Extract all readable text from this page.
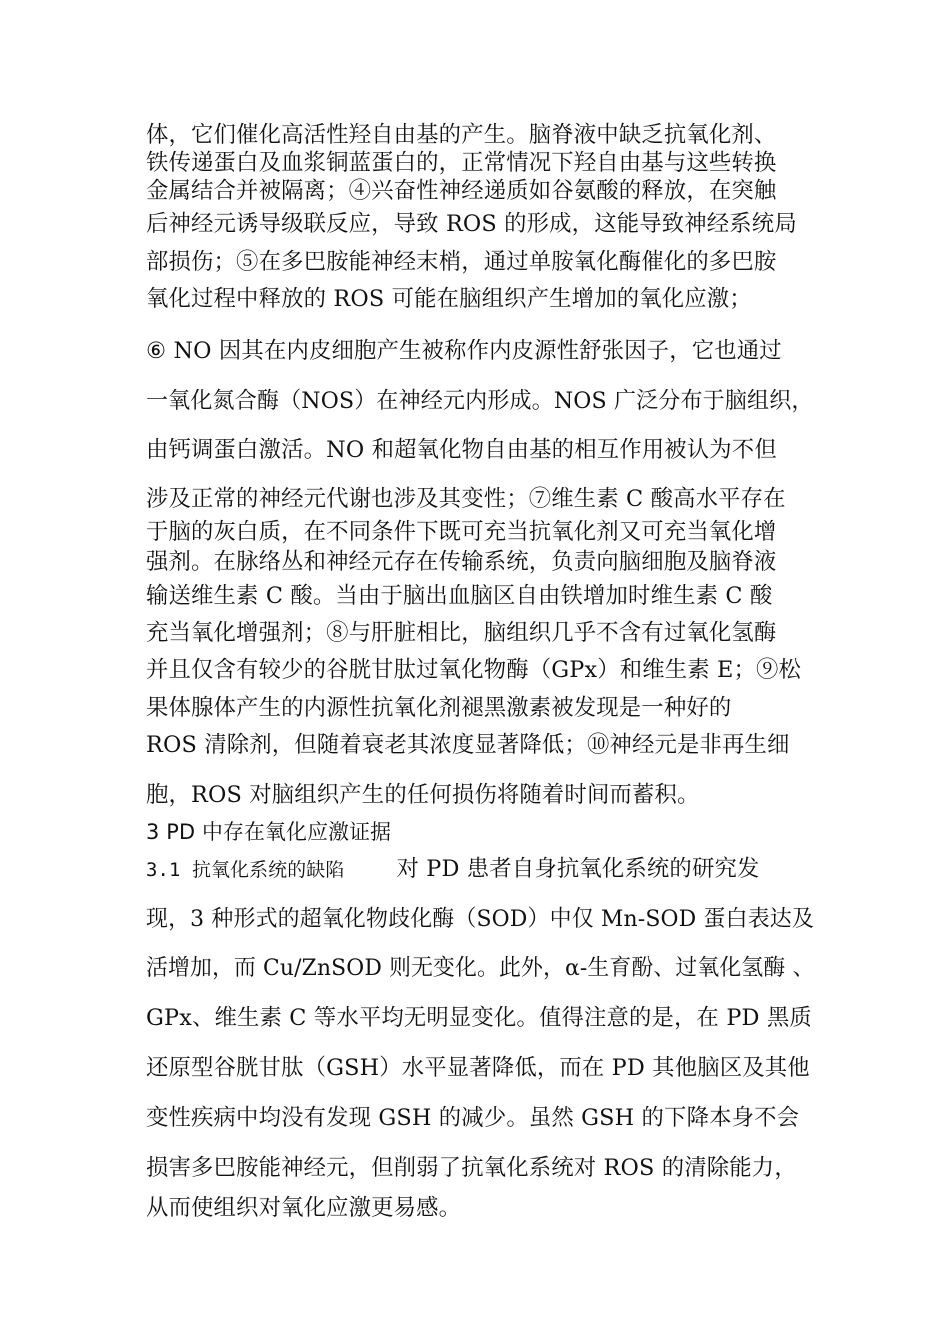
体，它们催化高活性羟自由基的产生。脑脊液中缺乏抗氧化剂、
铁传递蛋白及血浆铜蓝蛋白的，正常情况下羟自由基与这些转换
金属结合并被隔离；④兴奋性神经递质如谷氨酸的释放，在突触
后神经元诱导级联反应，导致 ROS 的形成，这能导致神经系统局
部损伤；⑤在多巴胺能神经末梢，通过单胺氧化酶催化的多巴胺
氧化过程中释放的 ROS 可能在脑组织产生增加的氧化应激；
⑥ NO 因其在内皮细胞产生被称作内皮源性舒张因子，它也通过
一氧化氮合酶（NOS）在神经元内形成。NOS 广泛分布于脑组织，
由钙调蛋白激活。NO 和超氧化物自由基的相互作用被认为不但
涉及正常的神经元代谢也涉及其变性；⑦维生素 C 酸高水平存在
于脑的灰白质，在不同条件下既可充当抗氧化剂又可充当氧化增
强剂。在脉络丛和神经元存在传输系统，负责向脑细胞及脑脊液
输送维生素 C 酸。当由于脑出血脑区自由铁增加时维生素 C 酸
充当氧化增强剂；⑧与肝脏相比，脑组织几乎不含有过氧化氢酶
并且仅含有较少的谷胱甘肽过氧化物酶（GPx）和维生素 E；⑨松
果体腺体产生的内源性抗氧化剂褪黑激素被发现是一种好的
ROS 清除剂，但随着衰老其浓度显著降低；⑩神经元是非再生细
胞，ROS 对脑组织产生的任何损伤将随着时间而蓄积。
3 PD 中存在氧化应激证据
3.1 抗氧化系统的缺陷 对 PD 患者自身抗氧化系统的研究发
现，3 种形式的超氧化物歧化酶（SOD）中仅 Mn-SOD 蛋白表达及
活增加，而 Cu/ZnSOD 则无变化。此外，α-生育酚、过氧化氢酶 、
GPx、维生素 C 等水平均无明显变化。值得注意的是，在 PD 黑质
还原型谷胱甘肽（GSH）水平显著降低，而在 PD 其他脑区及其他
变性疾病中均没有发现 GSH 的减少。虽然 GSH 的下降本身不会
损害多巴胺能神经元，但削弱了抗氧化系统对 ROS 的清除能力，
从而使组织对氧化应激更易感。
